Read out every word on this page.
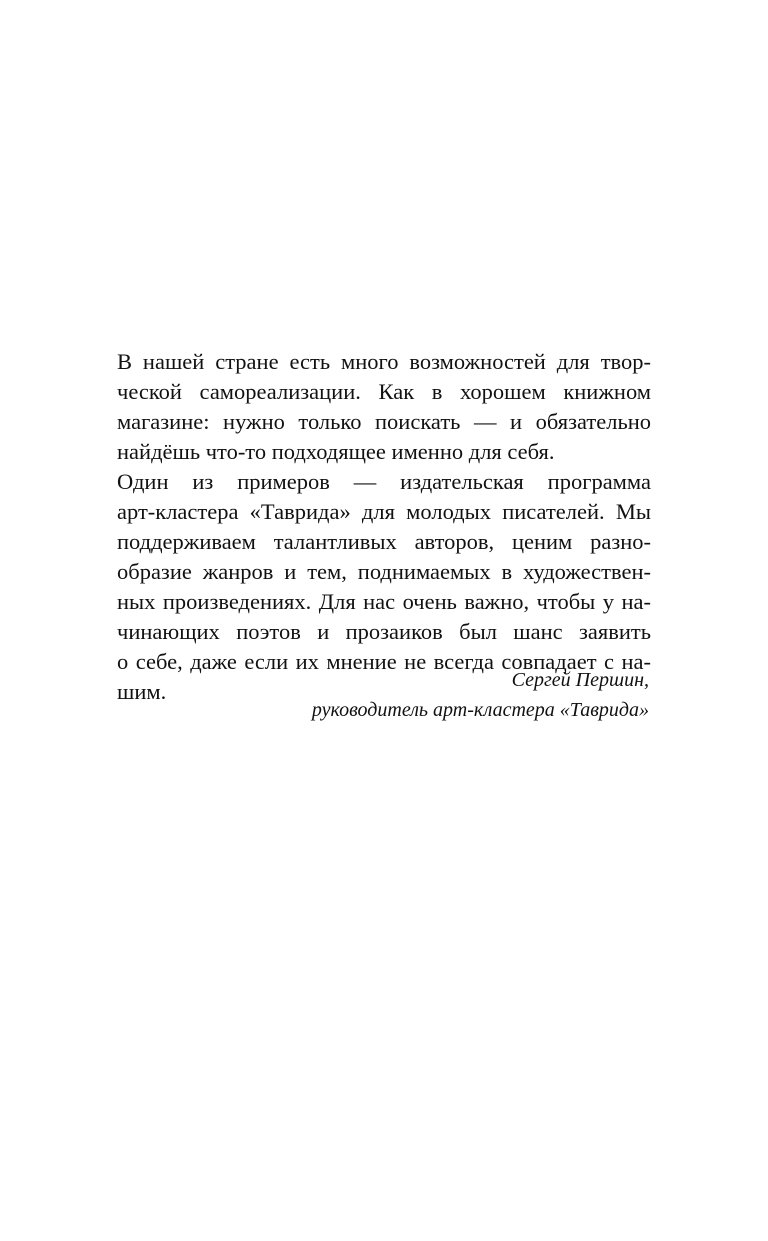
В нашей стране есть много возможностей для твор-
ческой самореализации. Как в хорошем книжном
магазине: нужно только поискать — и обязательно
найдёшь что-то подходящее именно для себя.
Один из примеров — издательская программа
арт-кластера «Таврида» для молодых писателей. Мы
поддерживаем талантливых авторов, ценим разно-
образие жанров и тем, поднимаемых в художествен-
ных произведениях. Для нас очень важно, чтобы у на-
чинающих поэтов и прозаиков был шанс заявить
о себе, даже если их мнение не всегда совпадает с на-
шим.	Сергей Першин,
руководитель арт-кластера «Таврида»
